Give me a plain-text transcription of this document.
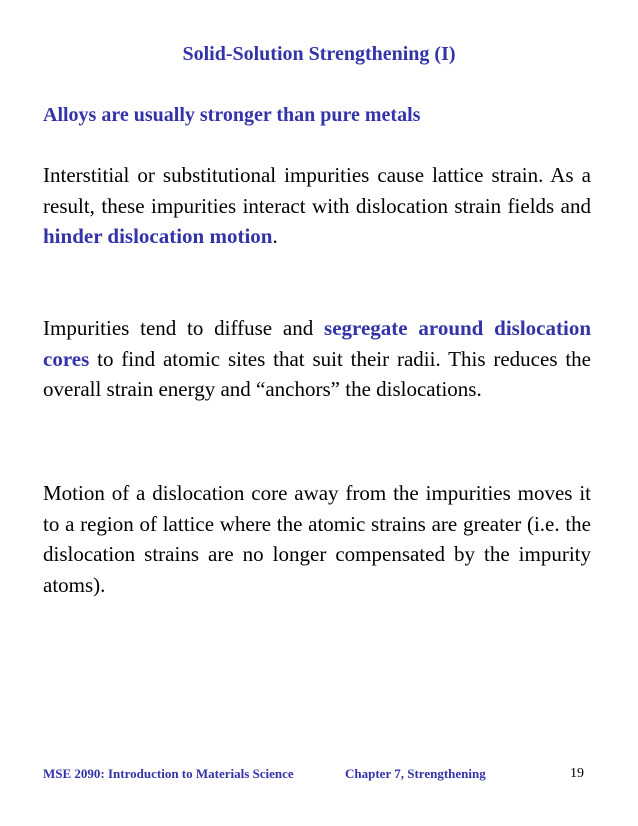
Solid-Solution Strengthening (I)
Alloys are usually stronger than pure metals

Interstitial or substitutional impurities cause lattice strain. As a result, these impurities interact with dislocation strain fields and hinder dislocation motion.

Impurities tend to diffuse and segregate around dislocation cores to find atomic sites that suit their radii. This reduces the overall strain energy and “anchors” the dislocations.

Motion of a dislocation core away from the impurities moves it to a region of lattice where the atomic strains are greater (i.e. the dislocation strains are no longer compensated by the impurity atoms).

MSE 2090: Introduction to Materials Science	Chapter 7, Strengthening	19
